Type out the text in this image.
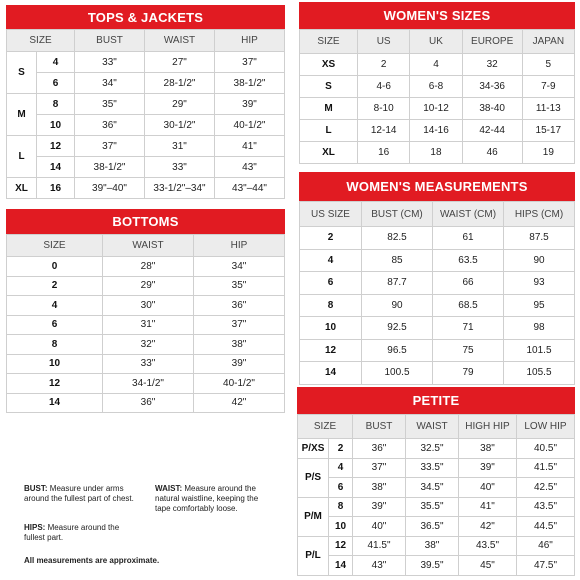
TOPS & JACKETS
SIZE		BUST	WAIST	HIP
S	4	33"	27"	37"
	6	34"	28-1/2"	38-1/2"
M	8	35"	29"	39"
	10	36"	30-1/2"	40-1/2"
L	12	37"	31"	41"
	14	38-1/2"	33"	43"
XL	16	39"–40"	33-1/2"–34"	43"–44"
BOTTOMS
SIZE	WAIST	HIP
0	28"	34"
2	29"	35"
4	30"	36"
6	31"	37"
8	32"	38"
10	33"	39"
12	34-1/2"	40-1/2"
14	36"	42"
WOMEN'S SIZES
SIZE	US	UK	EUROPE	JAPAN
XS	2	4	32	5
S	4-6	6-8	34-36	7-9
M	8-10	10-12	38-40	11-13
L	12-14	14-16	42-44	15-17
XL	16	18	46	19
WOMEN'S MEASUREMENTS
US SIZE	BUST (CM)	WAIST (CM)	HIPS (CM)
2	82.5	61	87.5
4	85	63.5	90
6	87.7	66	93
8	90	68.5	95
10	92.5	71	98
12	96.5	75	101.5
14	100.5	79	105.5
PETITE
SIZE		BUST	WAIST	HIGH HIP	LOW HIP
P/XS	2	36"	32.5"	38"	40.5"
P/S	4	37"	33.5"	39"	41.5"
	6	38"	34.5"	40"	42.5"
P/M	8	39"	35.5"	41"	43.5"
	10	40"	36.5"	42"	44.5"
P/L	12	41.5"	38"	43.5"	46"
	14	43"	39.5"	45"	47.5"
BUST: Measure under arms around the fullest part of chest.
WAIST: Measure around the natural waistline, keeping the tape comfortably loose.
HIPS: Measure around the fullest part.
All measurements are approximate.
